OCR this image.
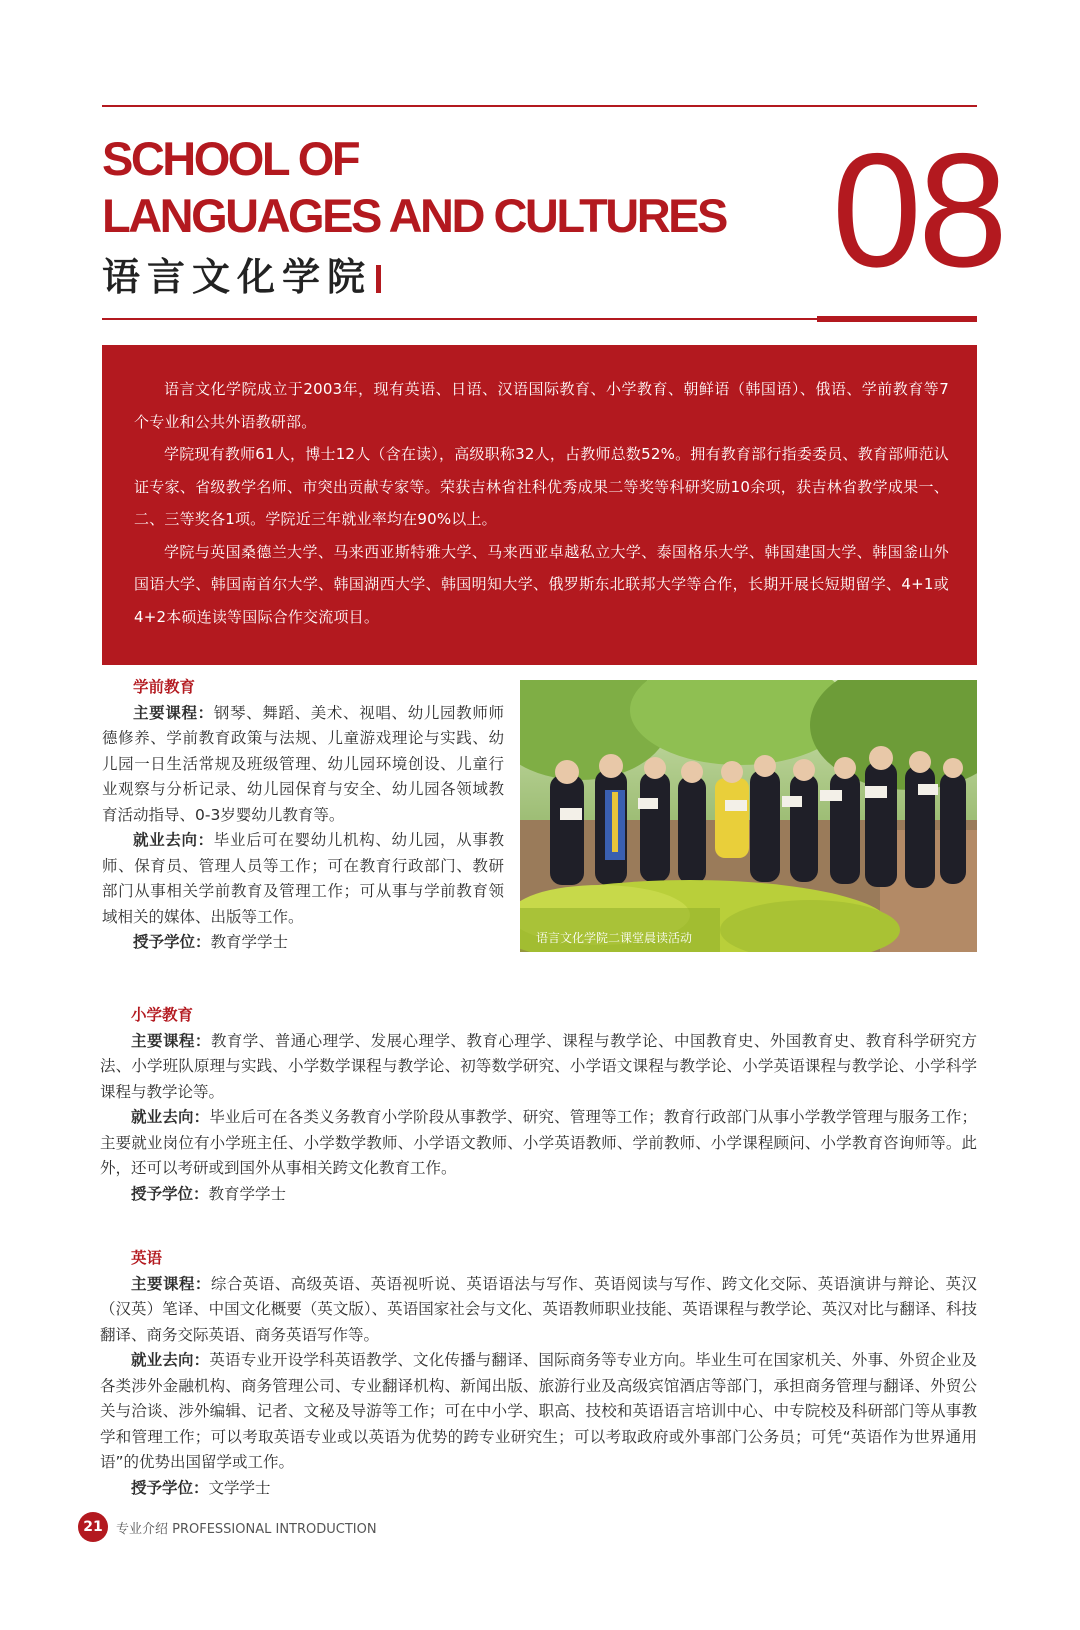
SCHOOL OF
LANGUAGES AND CULTURES
语言文化学院	08

语言文化学院成立于2003年，现有英语、日语、汉语国际教育、小学教育、朝鲜语（韩国语）、俄语、学前教育等7个专业和公共外语教研部。

学院现有教师61人，博士12人（含在读），高级职称32人，占教师总数52%。拥有教育部行指委委员、教育部师范认证专家、省级教学名师、市突出贡献专家等。荣获吉林省社科优秀成果二等奖等科研奖励10余项，获吉林省教学成果一、二、三等奖各1项。学院近三年就业率均在90%以上。

学院与英国桑德兰大学、马来西亚斯特雅大学、马来西亚卓越私立大学、泰国格乐大学、韩国建国大学、韩国釜山外国语大学、韩国南首尔大学、韩国湖西大学、韩国明知大学、俄罗斯东北联邦大学等合作，长期开展长短期留学、4+1或4+2本硕连读等国际合作交流项目。

语言文化学院二课堂晨读活动

学前教育

主要课程：钢琴、舞蹈、美术、视唱、幼儿园教师师德修养、学前教育政策与法规、儿童游戏理论与实践、幼儿园一日生活常规及班级管理、幼儿园环境创设、儿童行业观察与分析记录、幼儿园保育与安全、幼儿园各领域教育活动指导、0-3岁婴幼儿教育等。

就业去向：毕业后可在婴幼儿机构、幼儿园，从事教师、保育员、管理人员等工作；可在教育行政部门、教研部门从事相关学前教育及管理工作；可从事与学前教育领域相关的媒体、出版等工作。

授予学位：教育学学士

小学教育

主要课程：教育学、普通心理学、发展心理学、教育心理学、课程与教学论、中国教育史、外国教育史、教育科学研究方法、小学班队原理与实践、小学数学课程与教学论、初等数学研究、小学语文课程与教学论、小学英语课程与教学论、小学科学课程与教学论等。

就业去向：毕业后可在各类义务教育小学阶段从事教学、研究、管理等工作；教育行政部门从事小学教学管理与服务工作；主要就业岗位有小学班主任、小学数学教师、小学语文教师、小学英语教师、学前教师、小学课程顾问、小学教育咨询师等。此外，还可以考研或到国外从事相关跨文化教育工作。

授予学位：教育学学士

英语

主要课程：综合英语、高级英语、英语视听说、英语语法与写作、英语阅读与写作、跨文化交际、英语演讲与辩论、英汉（汉英）笔译、中国文化概要（英文版）、英语国家社会与文化、英语教师职业技能、英语课程与教学论、英汉对比与翻译、科技翻译、商务交际英语、商务英语写作等。

就业去向：英语专业开设学科英语教学、文化传播与翻译、国际商务等专业方向。毕业生可在国家机关、外事、外贸企业及各类涉外金融机构、商务管理公司、专业翻译机构、新闻出版、旅游行业及高级宾馆酒店等部门，承担商务管理与翻译、外贸公关与洽谈、涉外编辑、记者、文秘及导游等工作；可在中小学、职高、技校和英语语言培训中心、中专院校及科研部门等从事教学和管理工作；可以考取英语专业或以英语为优势的跨专业研究生；可以考取政府或外事部门公务员；可凭“英语作为世界通用语”的优势出国留学或工作。

授予学位：文学学士

21	专业介绍 PROFESSIONAL INTRODUCTION
